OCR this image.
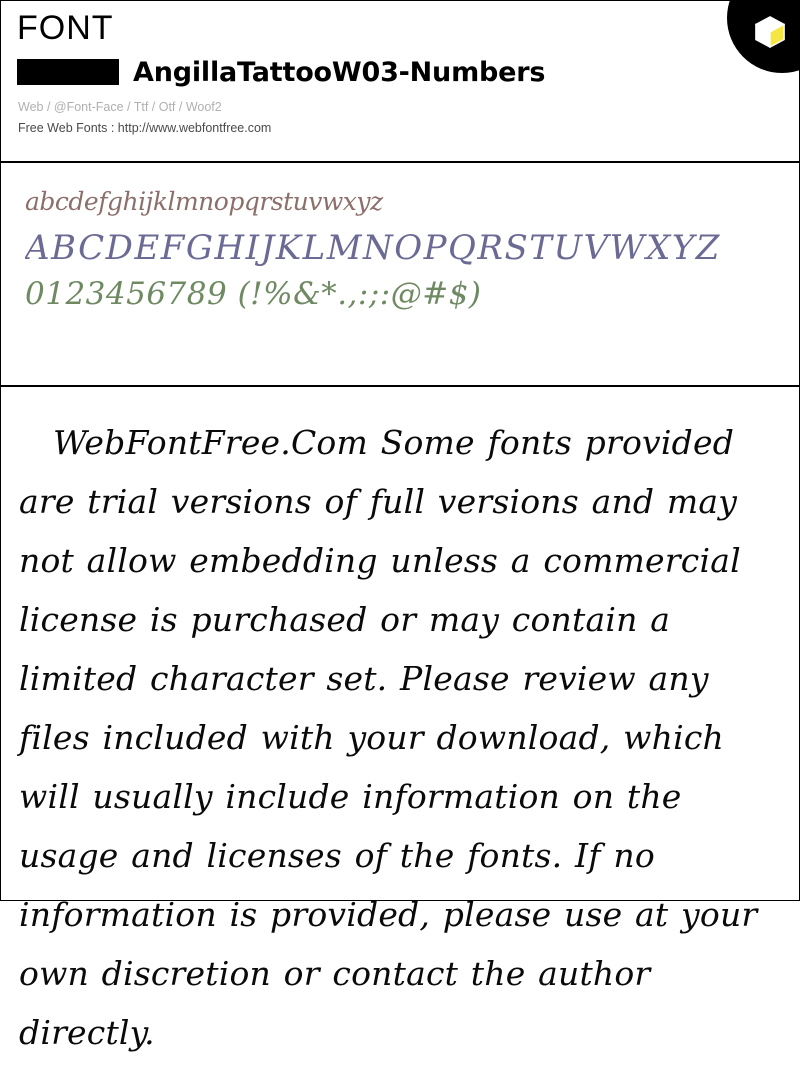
FONT
AngillaTattooW03-Numbers
Web / @Font-Face / Ttf / Otf / Woof2
Free Web Fonts : http://www.webfontfree.com
abcdefghijklmnopqrstuvwxyz
ABCDEFGHIJKLMNOPQRSTUVWXYZ
0123456789 (!%&*.,:;:@#$)

WebFontFree.Com Some fonts provided are trial versions of full versions and may not allow embedding unless a commercial license is purchased or may contain a limited character set. Please review any files included with your download, which will usually include information on the usage and licenses of the fonts. If no information is provided, please use at your own discretion or contact the author directly.
